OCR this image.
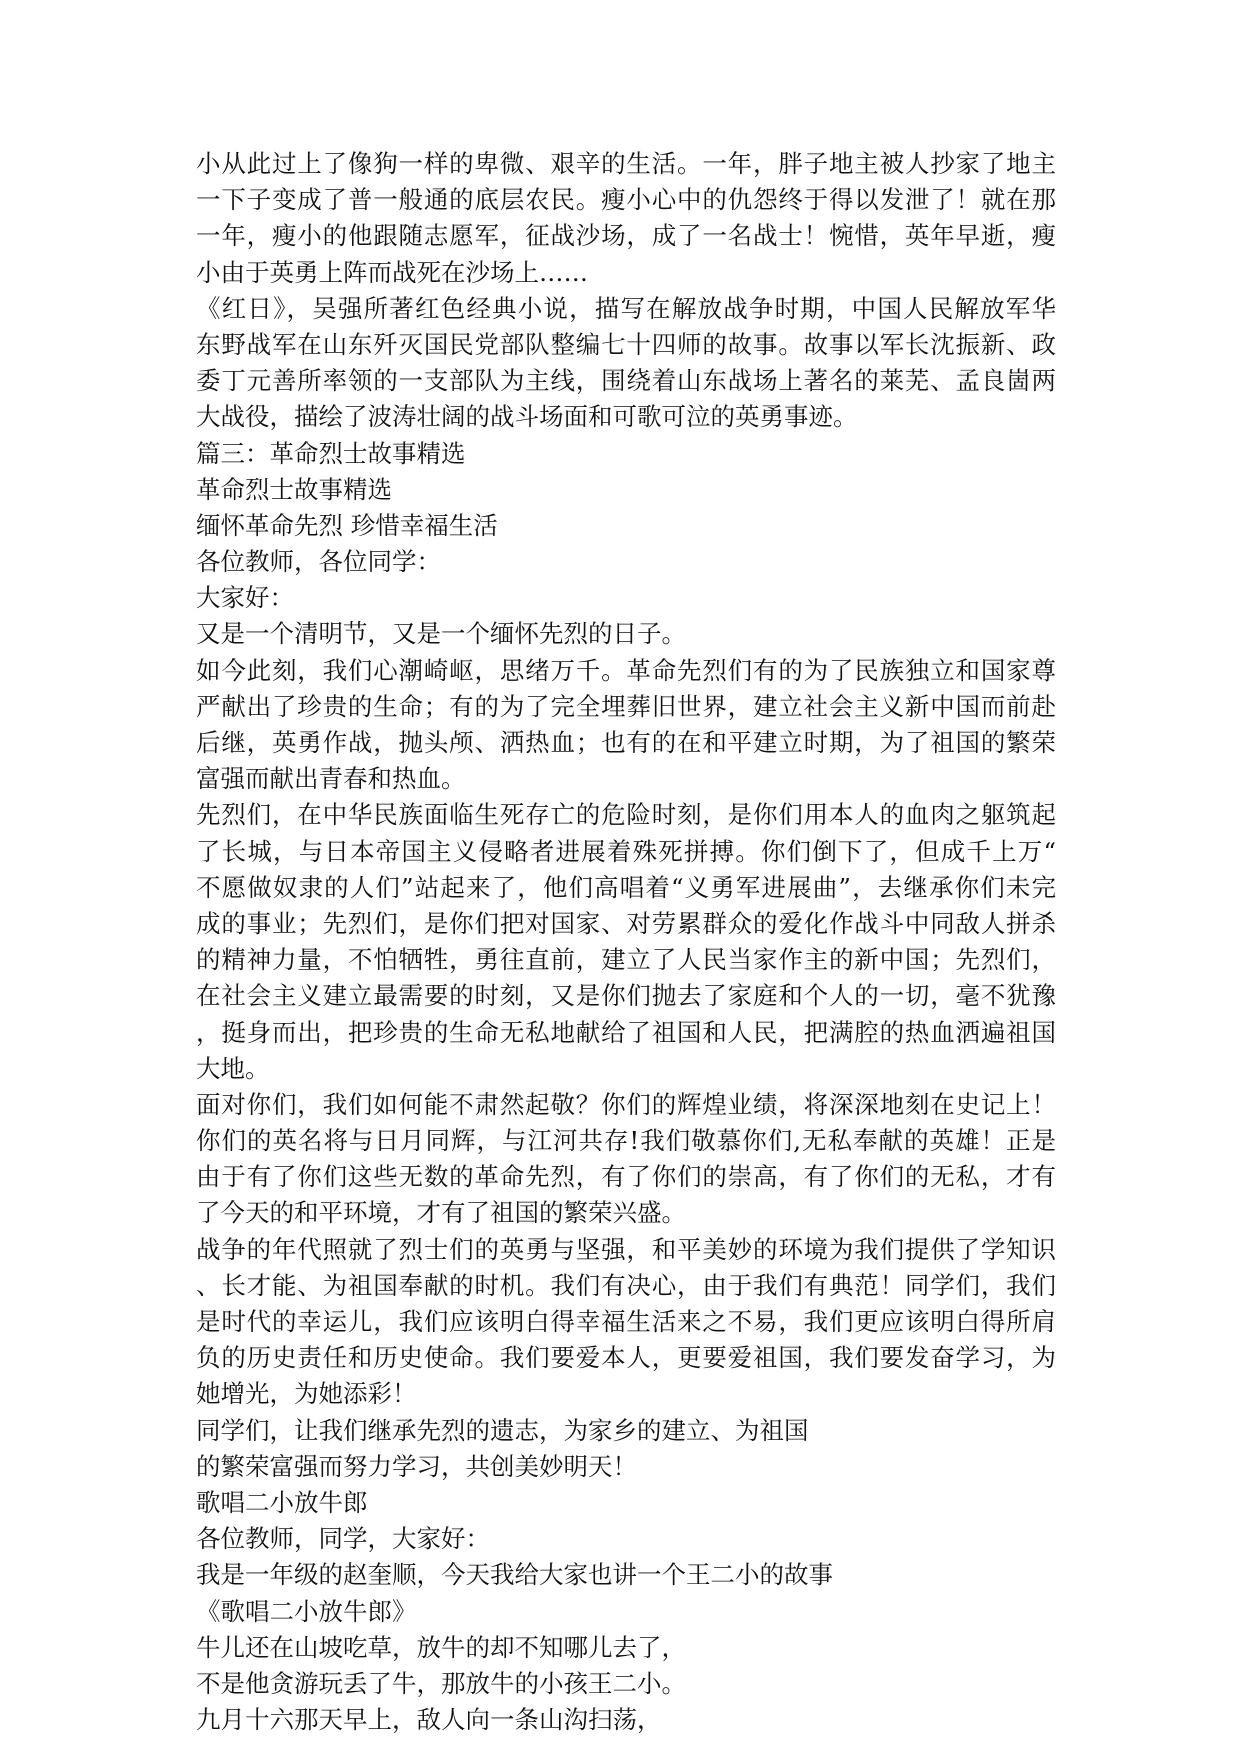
小从此过上了像狗一样的卑微、艰辛的生活。一年，胖子地主被人抄家了地主
一下子变成了普一般通的底层农民。瘦小心中的仇怨终于得以发泄了！就在那
一年，瘦小的他跟随志愿军，征战沙场，成了一名战士！惋惜，英年早逝，瘦
小由于英勇上阵而战死在沙场上……
《红日》，吴强所著红色经典小说，描写在解放战争时期，中国人民解放军华
东野战军在山东歼灭国民党部队整编七十四师的故事。故事以军长沈振新、政
委丁元善所率领的一支部队为主线，围绕着山东战场上著名的莱芜、孟良崮两
大战役，描绘了波涛壮阔的战斗场面和可歌可泣的英勇事迹。
篇三：革命烈士故事精选
革命烈士故事精选
缅怀革命先烈 珍惜幸福生活
各位教师，各位同学：
大家好：
又是一个清明节，又是一个缅怀先烈的日子。
如今此刻，我们心潮崎岖，思绪万千。革命先烈们有的为了民族独立和国家尊
严献出了珍贵的生命；有的为了完全埋葬旧世界，建立社会主义新中国而前赴
后继，英勇作战，抛头颅、洒热血；也有的在和平建立时期，为了祖国的繁荣
富强而献出青春和热血。
先烈们，在中华民族面临生死存亡的危险时刻，是你们用本人的血肉之躯筑起
了长城，与日本帝国主义侵略者进展着殊死拼搏。你们倒下了，但成千上万“
不愿做奴隶的人们”站起来了，他们高唱着“义勇军进展曲”，去继承你们未完
成的事业；先烈们，是你们把对国家、对劳累群众的爱化作战斗中同敌人拼杀
的精神力量，不怕牺牲，勇往直前，建立了人民当家作主的新中国；先烈们，
在社会主义建立最需要的时刻，又是你们抛去了家庭和个人的一切，毫不犹豫
，挺身而出，把珍贵的生命无私地献给了祖国和人民，把满腔的热血洒遍祖国
大地。
面对你们，我们如何能不肃然起敬？你们的辉煌业绩，将深深地刻在史记上！
你们的英名将与日月同辉，与江河共存!我们敬慕你们,无私奉献的英雄！正是
由于有了你们这些无数的革命先烈，有了你们的崇高，有了你们的无私，才有
了今天的和平环境，才有了祖国的繁荣兴盛。
战争的年代照就了烈士们的英勇与坚强，和平美妙的环境为我们提供了学知识
、长才能、为祖国奉献的时机。我们有决心，由于我们有典范！同学们，我们
是时代的幸运儿，我们应该明白得幸福生活来之不易，我们更应该明白得所肩
负的历史责任和历史使命。我们要爱本人，更要爱祖国，我们要发奋学习，为
她增光，为她添彩！
同学们，让我们继承先烈的遗志，为家乡的建立、为祖国
的繁荣富强而努力学习，共创美妙明天！
歌唱二小放牛郎
各位教师，同学，大家好：
我是一年级的赵奎顺，今天我给大家也讲一个王二小的故事
《歌唱二小放牛郎》
牛儿还在山坡吃草，放牛的却不知哪儿去了，
不是他贪游玩丢了牛，那放牛的小孩王二小。
九月十六那天早上，敌人向一条山沟扫荡，
